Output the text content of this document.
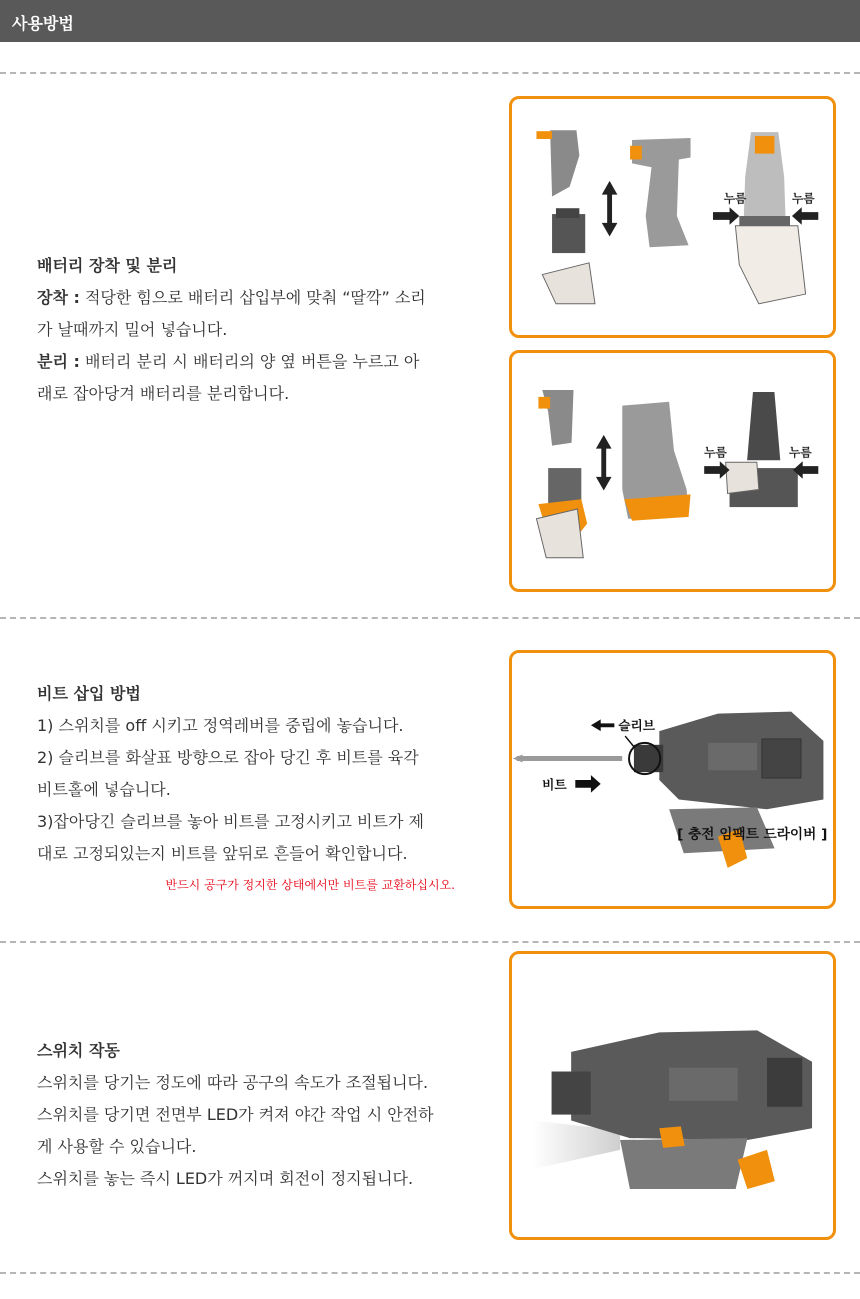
사용방법
배터리 장착 및 분리
장착 : 적당한 힘으로 배터리 삽입부에 맞춰 “딸깍” 소리
가 날때까지 밀어 넣습니다.
분리 : 배터리 분리 시 배터리의 양 옆 버튼을 누르고 아
래로 잡아당겨 배터리를 분리합니다.
누름	누름
누름	누름
비트 삽입 방법
1) 스위치를 off 시키고 정역레버를 중립에 놓습니다.
2) 슬리브를 화살표 방향으로 잡아 당긴 후 비트를 육각
비트홀에 넣습니다.
3)잡아당긴 슬리브를 놓아 비트를 고정시키고 비트가 제
대로 고정되있는지 비트를 앞뒤로 흔들어 확인합니다.
반드시 공구가 정지한 상태에서만 비트를 교환하십시오.
슬리브
비트
[ 충전 임팩트 드라이버 ]
스위치 작동
스위치를 당기는 정도에 따라 공구의 속도가 조절됩니다.
스위치를 당기면 전면부 LED가 켜져 야간 작업 시 안전하
게 사용할 수 있습니다.
스위치를 놓는 즉시 LED가 꺼지며 회전이 정지됩니다.
